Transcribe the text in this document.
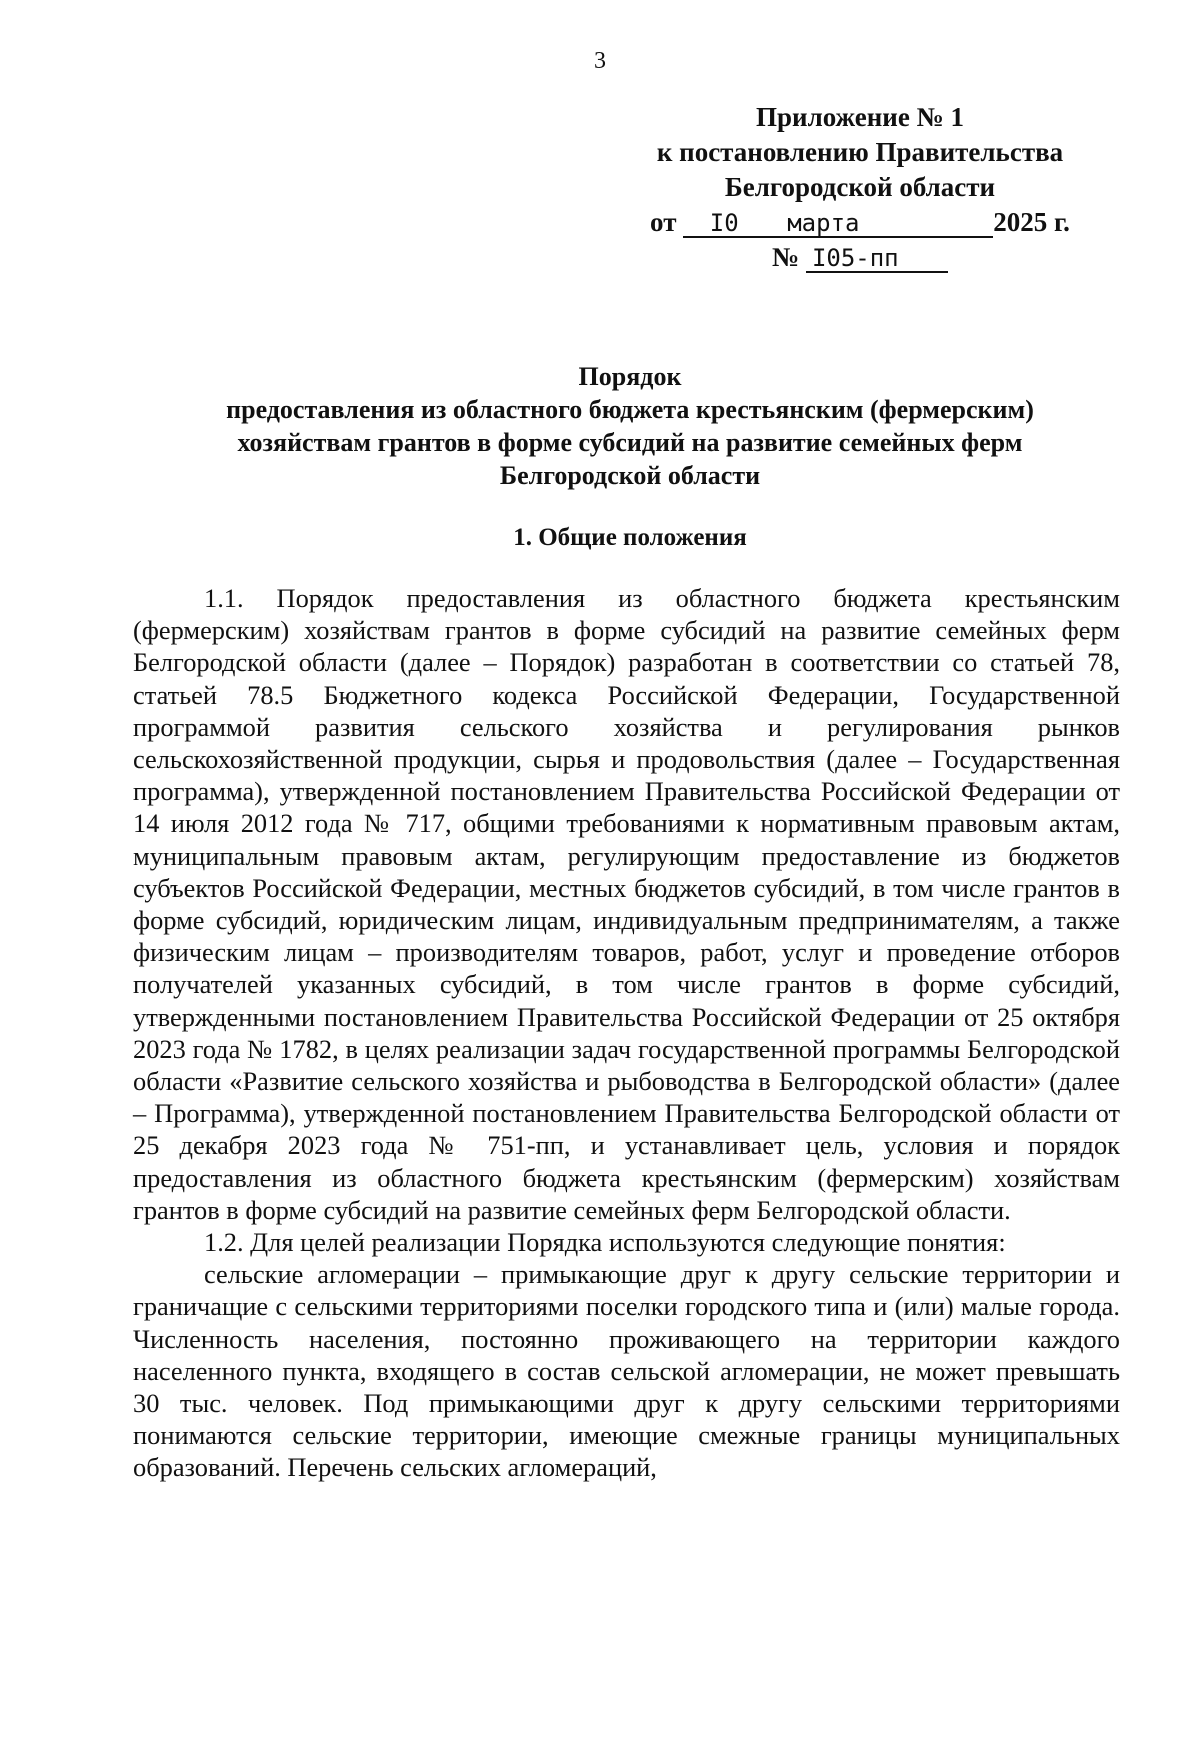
3
Приложение № 1
к постановлению Правительства
Белгородской области
от I0 марта	2025 г.
№ I05-пп
Порядок
предоставления из областного бюджета крестьянским (фермерским)
хозяйствам грантов в форме субсидий на развитие семейных ферм
Белгородской области
1. Общие положения

1.1. Порядок предоставления из областного бюджета крестьянским (фермерским) хозяйствам грантов в форме субсидий на развитие семейных ферм Белгородской области (далее – Порядок) разработан в соответствии со статьей 78, статьей 78.5 Бюджетного кодекса Российской Федерации, Государственной программой развития сельского хозяйства и регулирования рынков сельскохозяйственной продукции, сырья и продовольствия (далее – Государственная программа), утвержденной постановлением Правительства Российской Федерации от 14 июля 2012 года № 717, общими требованиями к нормативным правовым актам, муниципальным правовым актам, регулирующим предоставление из бюджетов субъектов Российской Федерации, местных бюджетов субсидий, в том числе грантов в форме субсидий, юридическим лицам, индивидуальным предпринимателям, а также физическим лицам – производителям товаров, работ, услуг и проведение отборов получателей указанных субсидий, в том числе грантов в форме субсидий, утвержденными постановлением Правительства Российской Федерации от 25 октября 2023 года № 1782, в целях реализации задач государственной программы Белгородской области «Развитие сельского хозяйства и рыбоводства в Белгородской области» (далее – Программа), утвержденной постановлением Правительства Белгородской области от 25 декабря 2023 года № 751-пп, и устанавливает цель, условия и порядок предоставления из областного бюджета крестьянским (фермерским) хозяйствам грантов в форме субсидий на развитие семейных ферм Белгородской области.

1.2. Для целей реализации Порядка используются следующие понятия:

сельские агломерации – примыкающие друг к другу сельские территории и граничащие с сельскими территориями поселки городского типа и (или) малые города. Численность населения, постоянно проживающего на территории каждого населенного пункта, входящего в состав сельской агломерации, не может превышать 30 тыс. человек. Под примыкающими друг к другу сельскими территориями понимаются сельские территории, имеющие смежные границы муниципальных образований. Перечень сельских агломераций,
